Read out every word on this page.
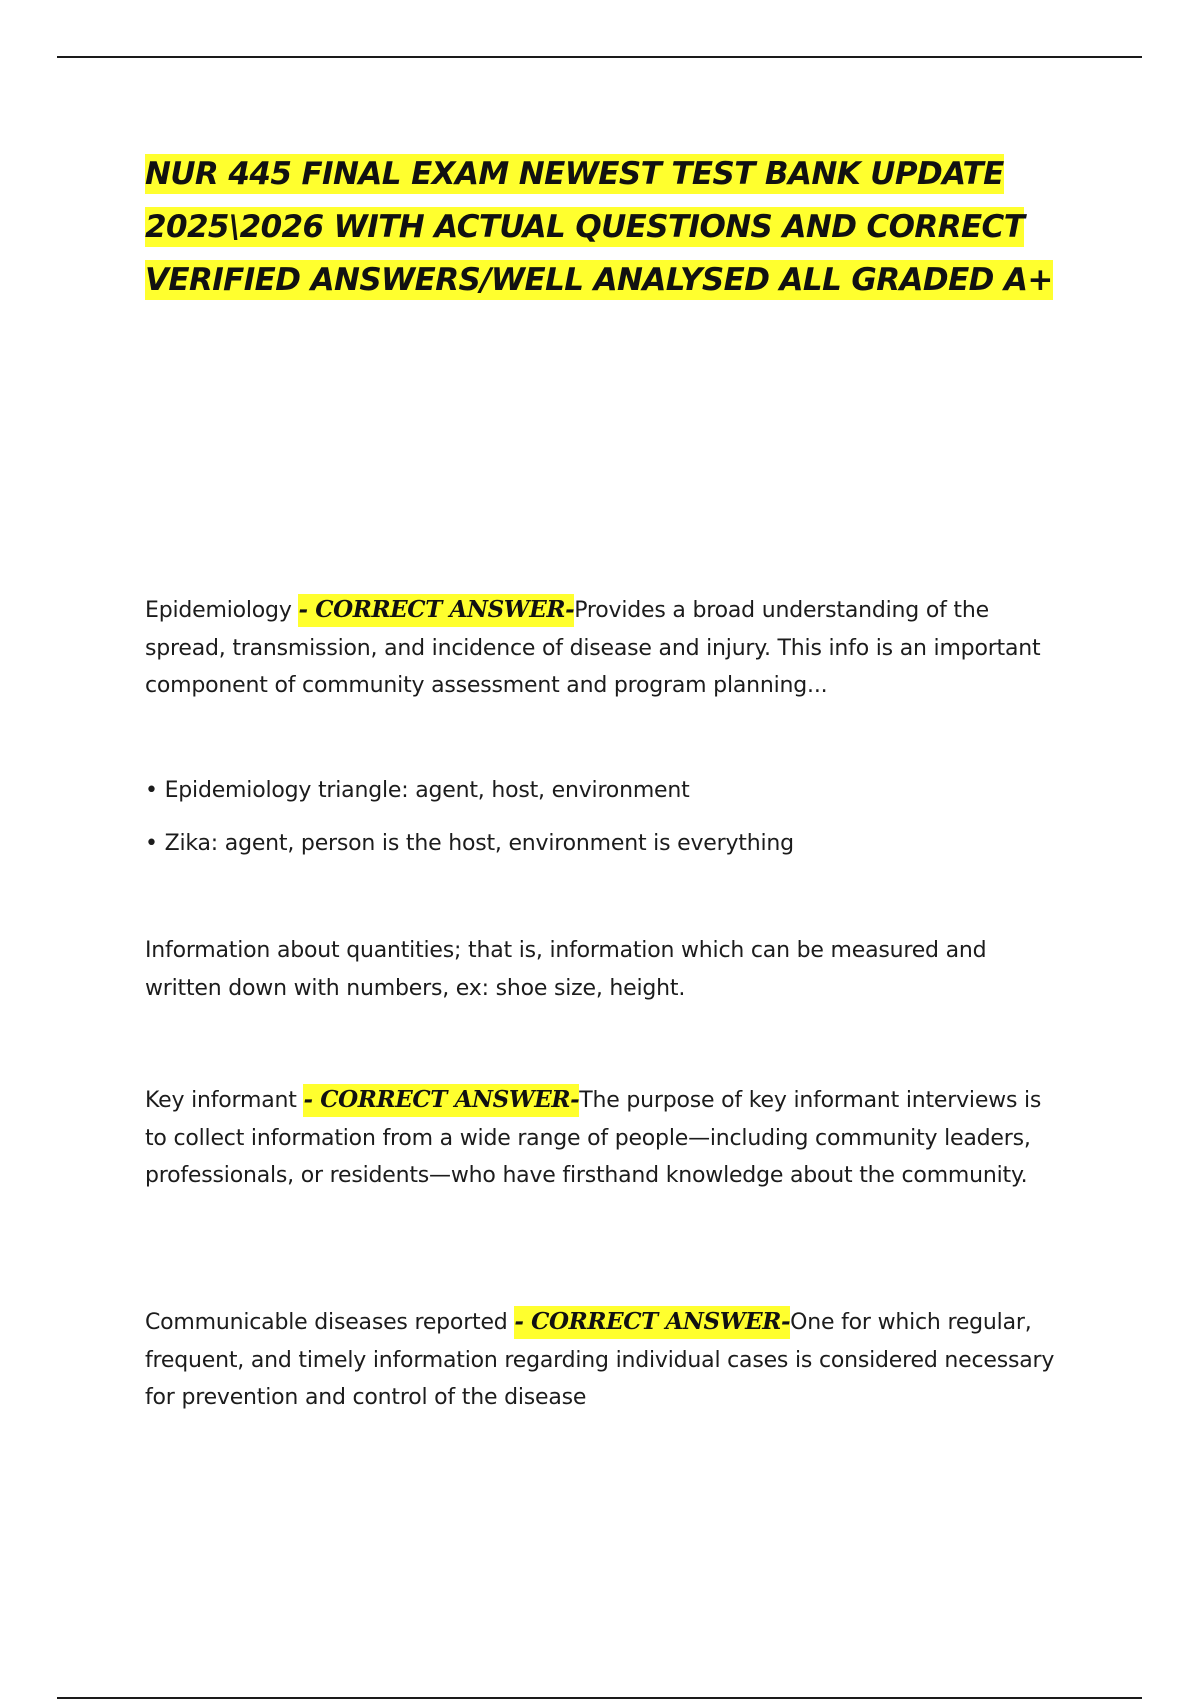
NUR 445 FINAL EXAM NEWEST TEST BANK UPDATE
2025\2026 WITH ACTUAL QUESTIONS AND CORRECT
VERIFIED ANSWERS/WELL ANALYSED ALL GRADED A+

Epidemiology - CORRECT ANSWER-Provides a broad understanding of the spread, transmission, and incidence of disease and injury. This info is an important component of community assessment and program planning...

• Epidemiology triangle: agent, host, environment

• Zika: agent, person is the host, environment is everything

Information about quantities; that is, information which can be measured and written down with numbers, ex: shoe size, height.

Key informant - CORRECT ANSWER-The purpose of key informant interviews is to collect information from a wide range of people—including community leaders, professionals, or residents—who have firsthand knowledge about the community.

Communicable diseases reported - CORRECT ANSWER-One for which regular, frequent, and timely information regarding individual cases is considered necessary for prevention and control of the disease
